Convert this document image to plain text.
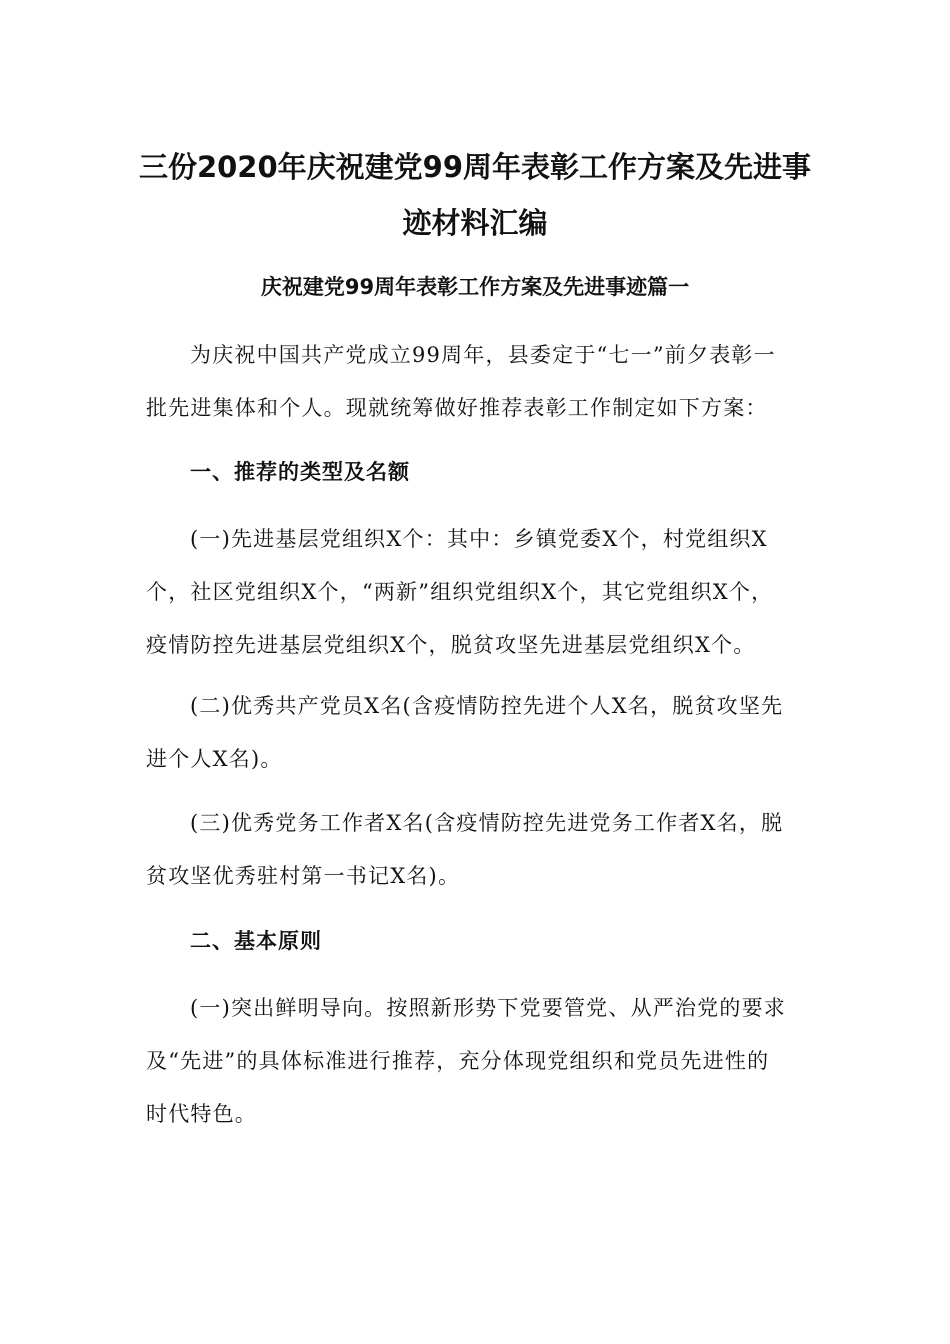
三份2020年庆祝建党99周年表彰工作方案及先进事
迹材料汇编
庆祝建党99周年表彰工作方案及先进事迹篇一
为庆祝中国共产党成立99周年，县委定于“七一”前夕表彰一
批先进集体和个人。现就统筹做好推荐表彰工作制定如下方案：
一、推荐的类型及名额
(一)先进基层党组织X个：其中：乡镇党委X个，村党组织X
个，社区党组织X个，“两新”组织党组织X个，其它党组织X个，
疫情防控先进基层党组织X个，脱贫攻坚先进基层党组织X个。
(二)优秀共产党员X名(含疫情防控先进个人X名，脱贫攻坚先
进个人X名)。
(三)优秀党务工作者X名(含疫情防控先进党务工作者X名，脱
贫攻坚优秀驻村第一书记X名)。
二、基本原则
(一)突出鲜明导向。按照新形势下党要管党、从严治党的要求
及“先进”的具体标准进行推荐，充分体现党组织和党员先进性的
时代特色。
